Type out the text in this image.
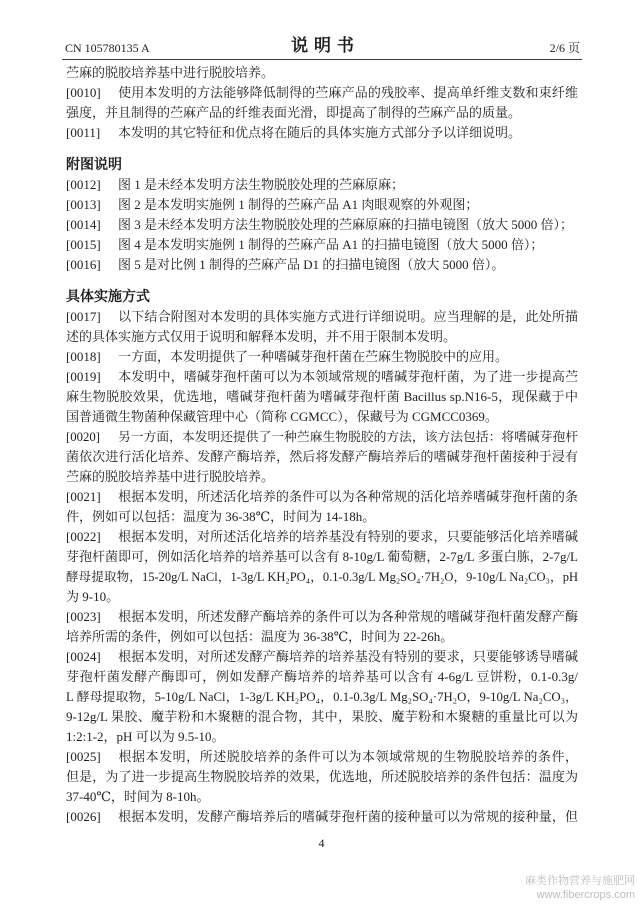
CN 105780135 A	说 明 书	2/6 页
苎麻的脱胶培养基中进行脱胶培养。
[0010] 使用本发明的方法能够降低制得的苎麻产品的残胶率、提高单纤维支数和束纤维
强度，并且制得的苎麻产品的纤维表面光滑，即提高了制得的苎麻产品的质量。
[0011] 本发明的其它特征和优点将在随后的具体实施方式部分予以详细说明。
附图说明
[0012] 图 1 是未经本发明方法生物脱胶处理的苎麻原麻；
[0013] 图 2 是本发明实施例 1 制得的苎麻产品 A1 肉眼观察的外观图；
[0014] 图 3 是未经本发明方法生物脱胶处理的苎麻原麻的扫描电镜图（放大 5000 倍）；
[0015] 图 4 是本发明实施例 1 制得的苎麻产品 A1 的扫描电镜图（放大 5000 倍）；
[0016] 图 5 是对比例 1 制得的苎麻产品 D1 的扫描电镜图（放大 5000 倍）。
具体实施方式
[0017] 以下结合附图对本发明的具体实施方式进行详细说明。应当理解的是，此处所描
述的具体实施方式仅用于说明和解释本发明，并不用于限制本发明。
[0018] 一方面，本发明提供了一种嗜碱芽孢杆菌在苎麻生物脱胶中的应用。
[0019] 本发明中，嗜碱芽孢杆菌可以为本领域常规的嗜碱芽孢杆菌，为了进一步提高苎
麻生物脱胶效果，优选地，嗜碱芽孢杆菌为嗜碱芽孢杆菌 Bacillus sp.N16-5，现保藏于中
国普通微生物菌种保藏管理中心（简称 CGMCC），保藏号为 CGMCC0369。
[0020] 另一方面，本发明还提供了一种苎麻生物脱胶的方法，该方法包括：将嗜碱芽孢杆
菌依次进行活化培养、发酵产酶培养，然后将发酵产酶培养后的嗜碱芽孢杆菌接种于浸有
苎麻的脱胶培养基中进行脱胶培养。
[0021] 根据本发明，所述活化培养的条件可以为各种常规的活化培养嗜碱芽孢杆菌的条
件，例如可以包括：温度为 36-38℃，时间为 14-18h。
[0022] 根据本发明，对所述活化培养的培养基没有特别的要求，只要能够活化培养嗜碱
芽孢杆菌即可，例如活化培养的培养基可以含有 8-10g/L 葡萄糖，2-7g/L 多蛋白胨，2-7g/L
酵母提取物，15-20g/L NaCl，1-3g/L KH₂PO₄，0.1-0.3g/L Mg₂SO₄·7H₂O，9-10g/L Na₂CO₃，pH
为 9-10。
[0023] 根据本发明，所述发酵产酶培养的条件可以为各种常规的嗜碱芽孢杆菌发酵产酶
培养所需的条件，例如可以包括：温度为 36-38℃，时间为 22-26h。
[0024] 根据本发明，对所述发酵产酶培养的培养基没有特别的要求，只要能够诱导嗜碱
芽孢杆菌发酵产酶即可，例如发酵产酶培养的培养基可以含有 4-6g/L 豆饼粉，0.1-0.3g/
L 酵母提取物，5-10g/L NaCl，1-3g/L KH₂PO₄，0.1-0.3g/L Mg₂SO₄·7H₂O，9-10g/L Na₂CO₃，
9-12g/L 果胶、魔芋粉和木聚糖的混合物，其中，果胶、魔芋粉和木聚糖的重量比可以为
1:2:1-2，pH 可以为 9.5-10。
[0025] 根据本发明，所述脱胶培养的条件可以为本领域常规的生物脱胶培养的条件，
但是，为了进一步提高生物脱胶培养的效果，优选地，所述脱胶培养的条件包括：温度为
37-40℃，时间为 8-10h。
[0026] 根据本发明，发酵产酶培养后的嗜碱芽孢杆菌的接种量可以为常规的接种量，但
4
麻类作物营养与施肥网
www.fibercrops.com
